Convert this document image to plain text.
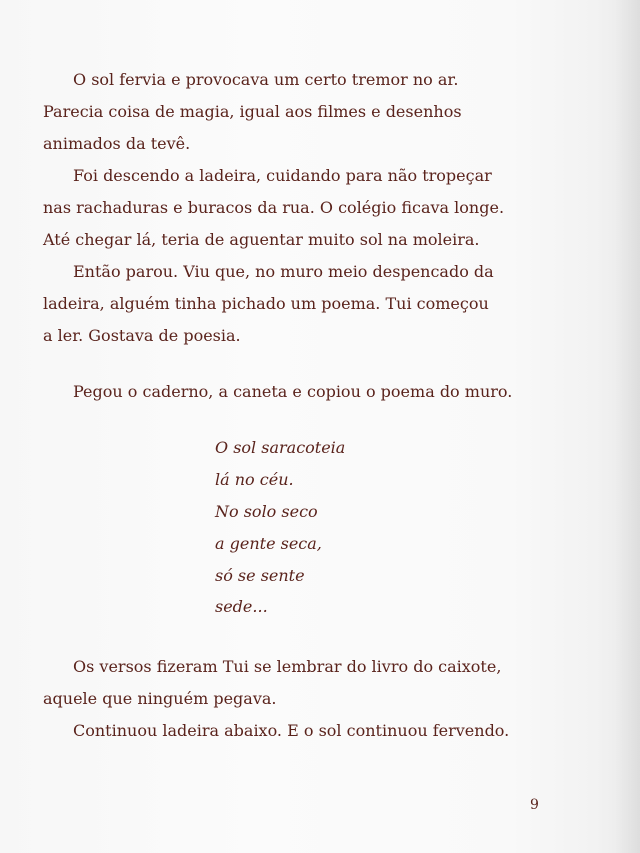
O sol fervia e provocava um certo tremor no ar.
Parecia coisa de magia, igual aos filmes e desenhos
animados da tevê.
Foi descendo a ladeira, cuidando para não tropeçar
nas rachaduras e buracos da rua. O colégio ficava longe.
Até chegar lá, teria de aguentar muito sol na moleira.
Então parou. Viu que, no muro meio despencado da
ladeira, alguém tinha pichado um poema. Tui começou
a ler. Gostava de poesia.
Pegou o caderno, a caneta e copiou o poema do muro.
O sol saracoteia
lá no céu.
No solo seco
a gente seca,
só se sente
sede...
Os versos fizeram Tui se lembrar do livro do caixote,
aquele que ninguém pegava.
Continuou ladeira abaixo. E o sol continuou fervendo.
9
